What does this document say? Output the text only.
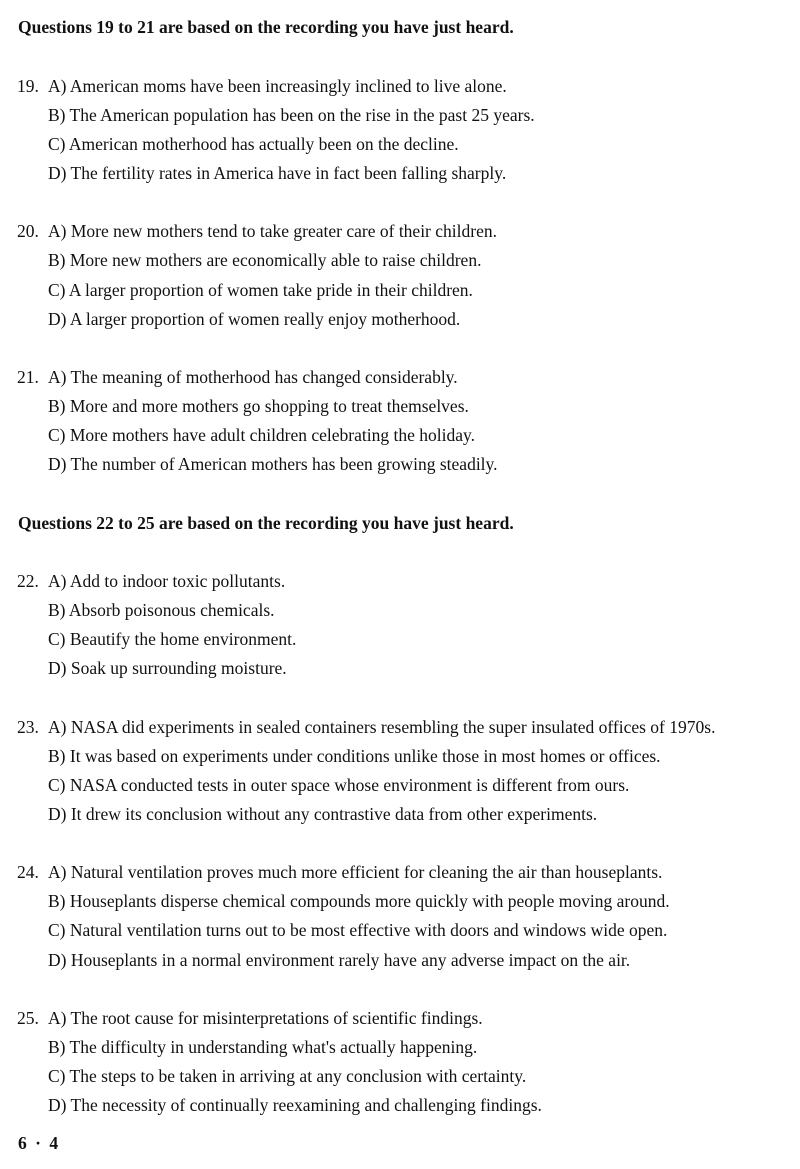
Questions 19 to 21 are based on the recording you have just heard.
19. A) American moms have been increasingly inclined to live alone.
B) The American population has been on the rise in the past 25 years.
C) American motherhood has actually been on the decline.
D) The fertility rates in America have in fact been falling sharply.
20. A) More new mothers tend to take greater care of their children.
B) More new mothers are economically able to raise children.
C) A larger proportion of women take pride in their children.
D) A larger proportion of women really enjoy motherhood.
21. A) The meaning of motherhood has changed considerably.
B) More and more mothers go shopping to treat themselves.
C) More mothers have adult children celebrating the holiday.
D) The number of American mothers has been growing steadily.
Questions 22 to 25 are based on the recording you have just heard.
22. A) Add to indoor toxic pollutants.
B) Absorb poisonous chemicals.
C) Beautify the home environment.
D) Soak up surrounding moisture.
23. A) NASA did experiments in sealed containers resembling the super insulated offices of 1970s.
B) It was based on experiments under conditions unlike those in most homes or offices.
C) NASA conducted tests in outer space whose environment is different from ours.
D) It drew its conclusion without any contrastive data from other experiments.
24. A) Natural ventilation proves much more efficient for cleaning the air than houseplants.
B) Houseplants disperse chemical compounds more quickly with people moving around.
C) Natural ventilation turns out to be most effective with doors and windows wide open.
D) Houseplants in a normal environment rarely have any adverse impact on the air.
25. A) The root cause for misinterpretations of scientific findings.
B) The difficulty in understanding what's actually happening.
C) The steps to be taken in arriving at any conclusion with certainty.
D) The necessity of continually reexamining and challenging findings.
6 · 4
